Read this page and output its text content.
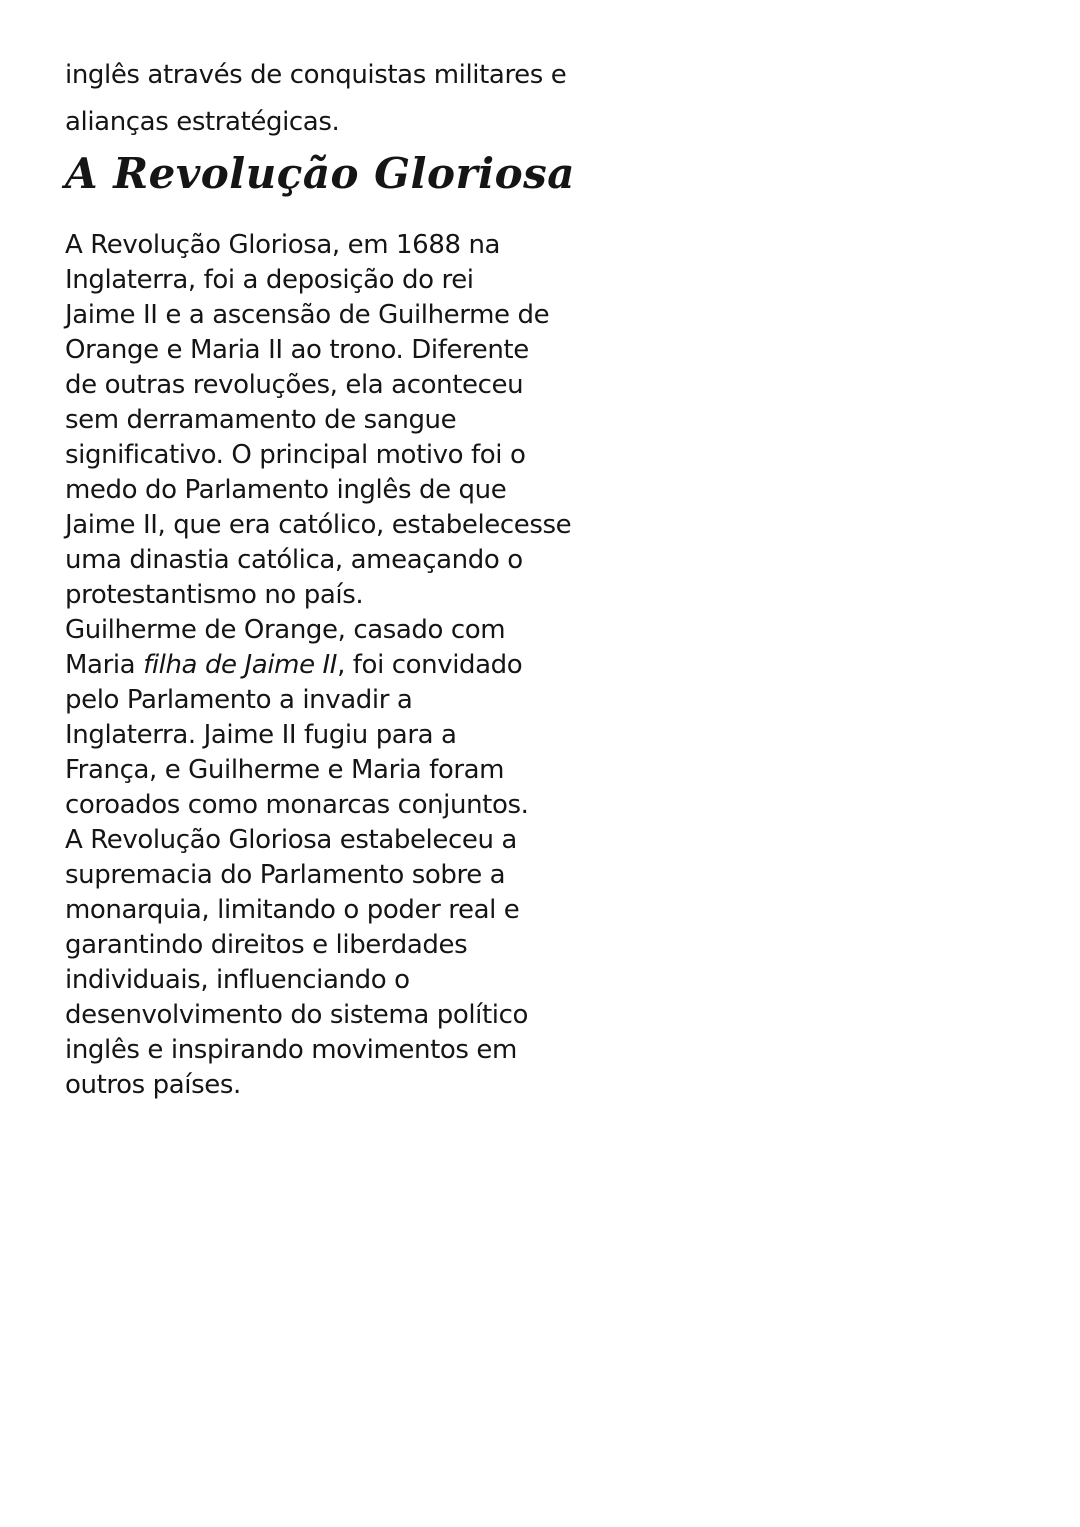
inglês através de conquistas militares e
alianças estratégicas.
A Revolução Gloriosa
A Revolução Gloriosa, em 1688 na
Inglaterra, foi a deposição do rei
Jaime II e a ascensão de Guilherme de
Orange e Maria II ao trono. Diferente
de outras revoluções, ela aconteceu
sem derramamento de sangue
significativo. O principal motivo foi o
medo do Parlamento inglês de que
Jaime II, que era católico, estabelecesse
uma dinastia católica, ameaçando o
protestantismo no país.
Guilherme de Orange, casado com
Maria filha de Jaime II, foi convidado
pelo Parlamento a invadir a
Inglaterra. Jaime II fugiu para a
França, e Guilherme e Maria foram
coroados como monarcas conjuntos.
A Revolução Gloriosa estabeleceu a
supremacia do Parlamento sobre a
monarquia, limitando o poder real e
garantindo direitos e liberdades
individuais, influenciando o
desenvolvimento do sistema político
inglês e inspirando movimentos em
outros países.
